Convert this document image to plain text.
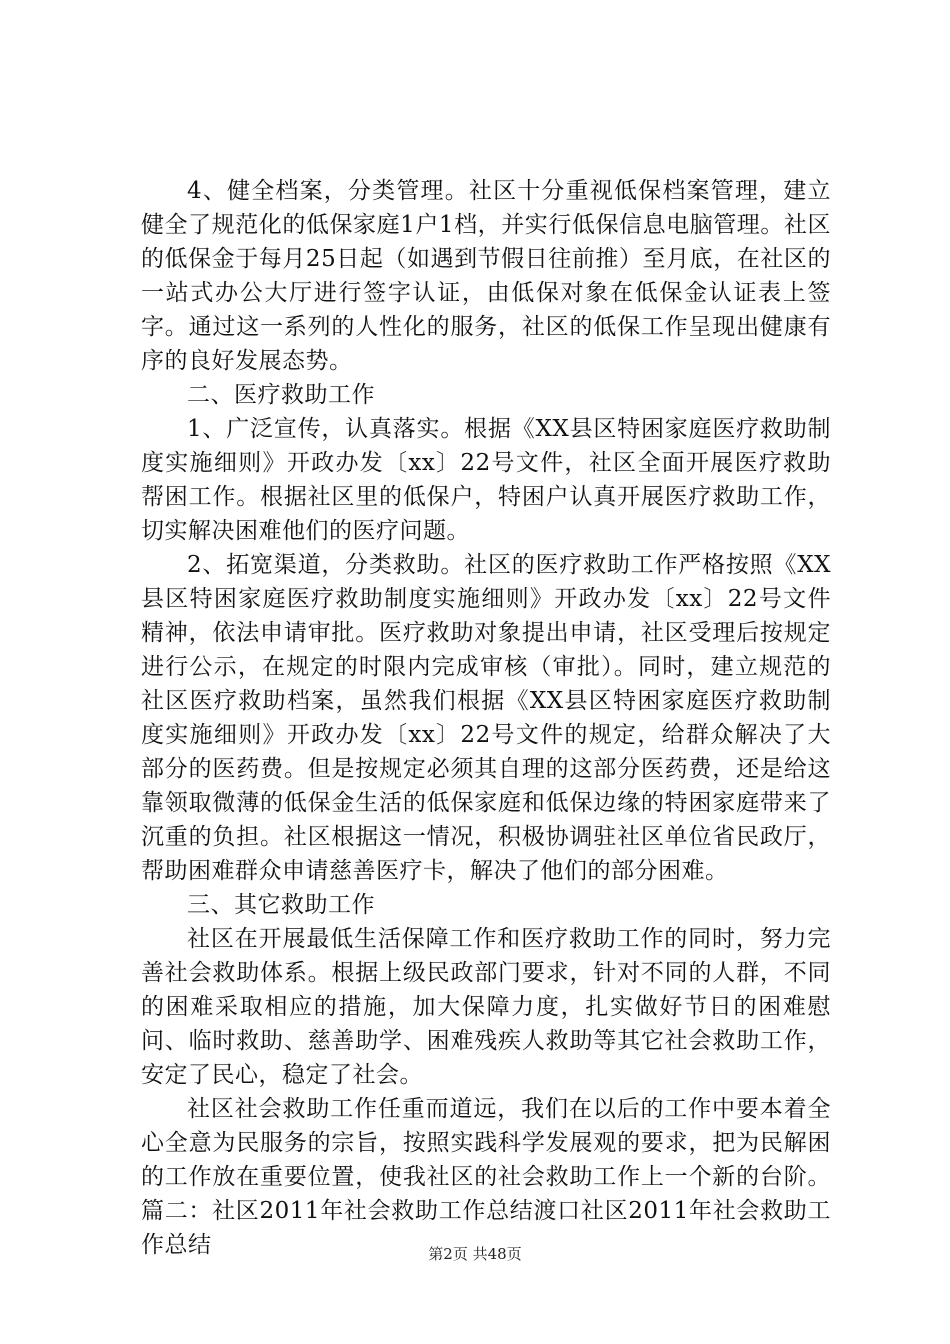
4、健全档案，分类管理。社区十分重视低保档案管理，建立健全了规范化的低保家庭1户1档，并实行低保信息电脑管理。社区的低保金于每月25日起（如遇到节假日往前推）至月底，在社区的一站式办公大厅进行签字认证，由低保对象在低保金认证表上签字。通过这一系列的人性化的服务，社区的低保工作呈现出健康有序的良好发展态势。

二、医疗救助工作

1、广泛宣传，认真落实。根据《XX县区特困家庭医疗救助制度实施细则》开政办发〔xx〕22号文件，社区全面开展医疗救助帮困工作。根据社区里的低保户，特困户认真开展医疗救助工作，切实解决困难他们的医疗问题。

2、拓宽渠道，分类救助。社区的医疗救助工作严格按照《XX县区特困家庭医疗救助制度实施细则》开政办发〔xx〕22号文件精神，依法申请审批。医疗救助对象提出申请，社区受理后按规定进行公示，在规定的时限内完成审核（审批）。同时，建立规范的社区医疗救助档案，虽然我们根据《XX县区特困家庭医疗救助制度实施细则》开政办发〔xx〕22号文件的规定，给群众解决了大部分的医药费。但是按规定必须其自理的这部分医药费，还是给这靠领取微薄的低保金生活的低保家庭和低保边缘的特困家庭带来了沉重的负担。社区根据这一情况，积极协调驻社区单位省民政厅，帮助困难群众申请慈善医疗卡，解决了他们的部分困难。

三、其它救助工作

社区在开展最低生活保障工作和医疗救助工作的同时，努力完善社会救助体系。根据上级民政部门要求，针对不同的人群，不同的困难采取相应的措施，加大保障力度，扎实做好节日的困难慰问、临时救助、慈善助学、困难残疾人救助等其它社会救助工作，安定了民心，稳定了社会。

社区社会救助工作任重而道远，我们在以后的工作中要本着全心全意为民服务的宗旨，按照实践科学发展观的要求，把为民解困的工作放在重要位置，使我社区的社会救助工作上一个新的台阶。篇二：社区2011年社会救助工作总结渡口社区2011年社会救助工作总结	第2页 共48页
